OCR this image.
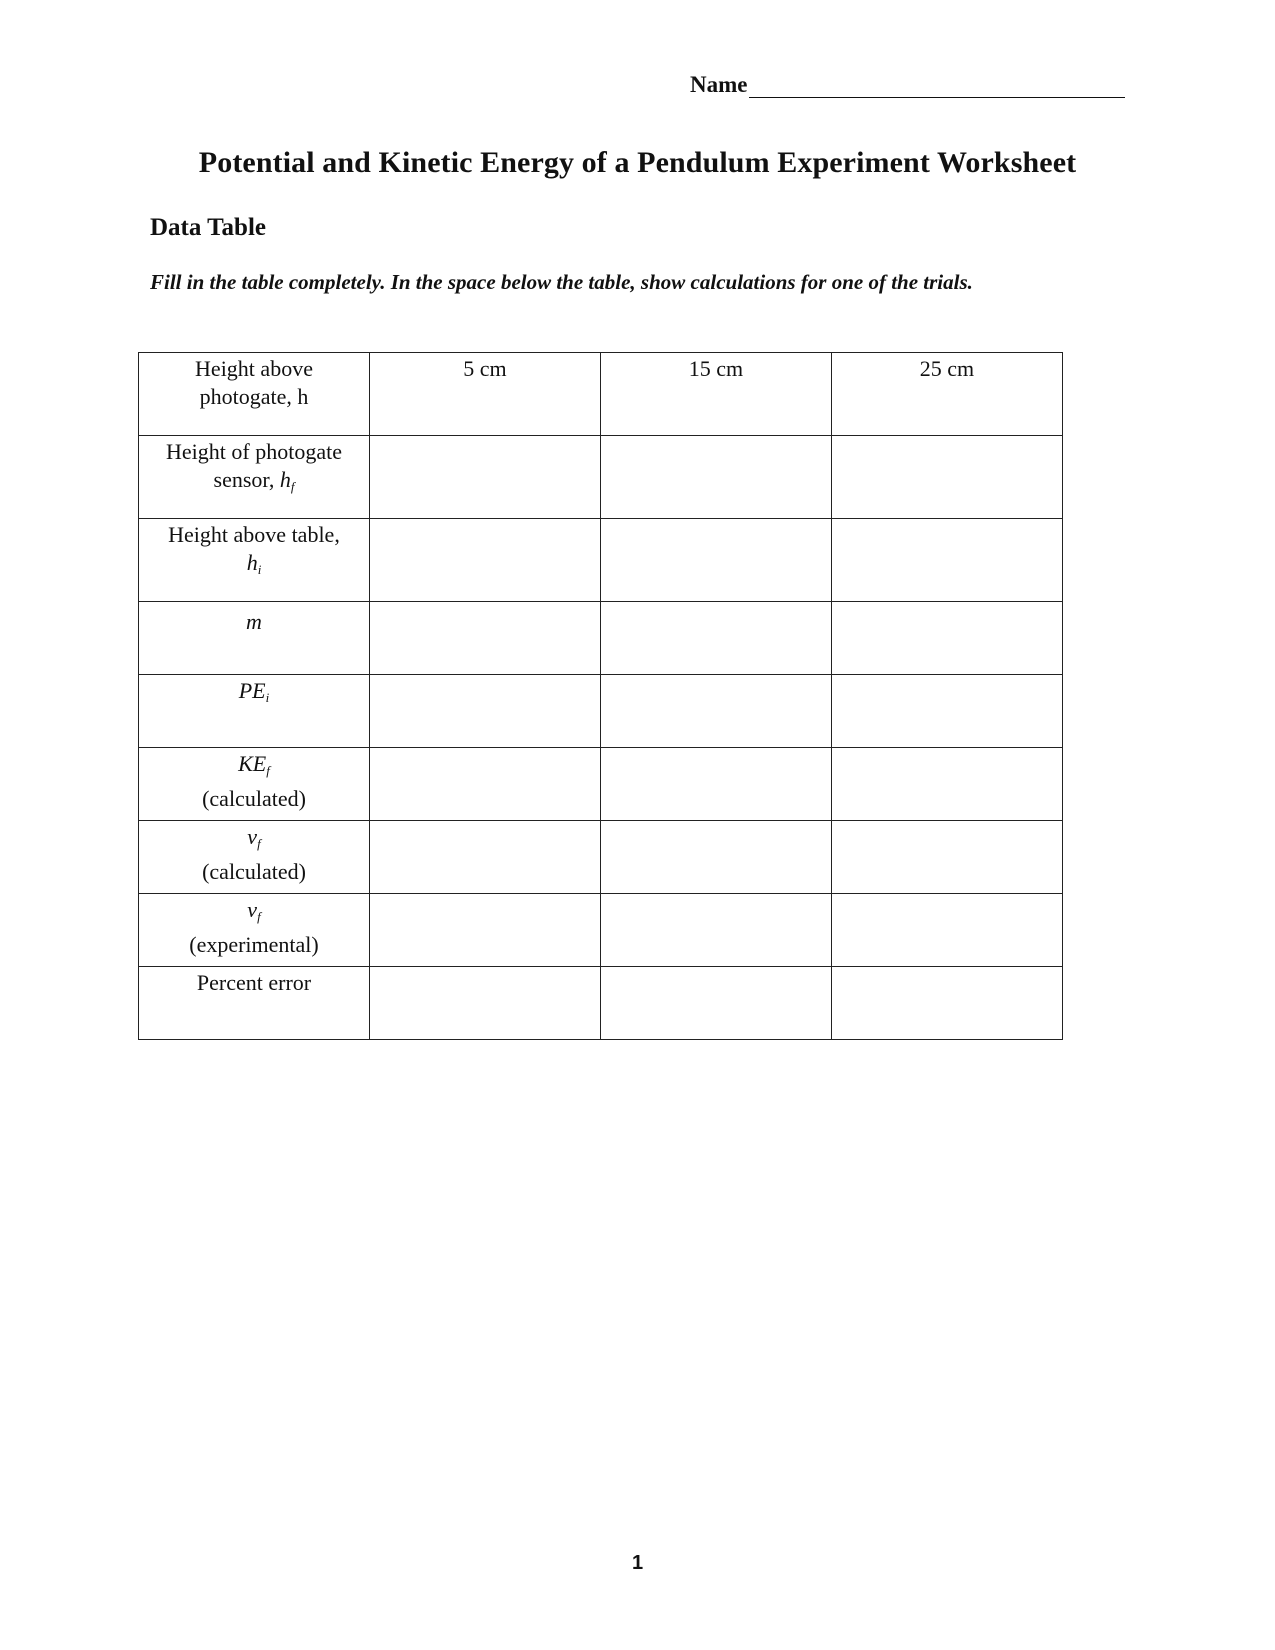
Name
Potential and Kinetic Energy of a Pendulum Experiment Worksheet
Data Table

Fill in the table completely. In the space below the table, show calculations for one of the trials.

Height above
photogate, h	5 cm	15 cm	25 cm

Height of photogate
sensor, $h_f$

Height above table,
$h_i$

m			

$PE_i$

$KE_f$
(calculated)			

$v_f$
(calculated)			

$v_f$
(experimental)			

Percent error			

1
